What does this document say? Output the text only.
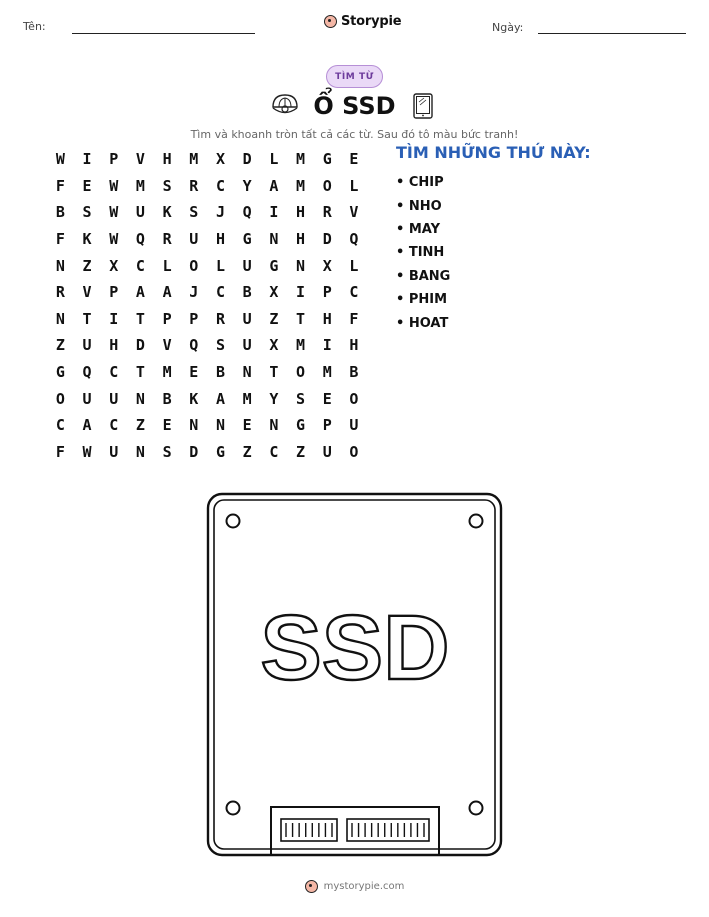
Tên:	Storypie	Ngày:
TÌM TỪ
Ổ SSD
Tìm và khoanh tròn tất cả các từ. Sau đó tô màu bức tranh!
W	I	P	V	H	M	X	D	L	M	G	E
F	E	W	M	S	R	C	Y	A	M	O	L
B	S	W	U	K	S	J	Q	I	H	R	V
F	K	W	Q	R	U	H	G	N	H	D	Q
N	Z	X	C	L	O	L	U	G	N	X	L
R	V	P	A	A	J	C	B	X	I	P	C
N	T	I	T	P	P	R	U	Z	T	H	F
Z	U	H	D	V	Q	S	U	X	M	I	H
G	Q	C	T	M	E	B	N	T	O	M	B
O	U	U	N	B	K	A	M	Y	S	E	O
C	A	C	Z	E	N	N	E	N	G	P	U
F	W	U	N	S	D	G	Z	C	Z	U	O
TÌM NHỮNG THỨ NÀY:
• CHIP
• NHO
• MAY
• TINH
• BANG
• PHIM
• HOAT
SSD
mystorypie.com
